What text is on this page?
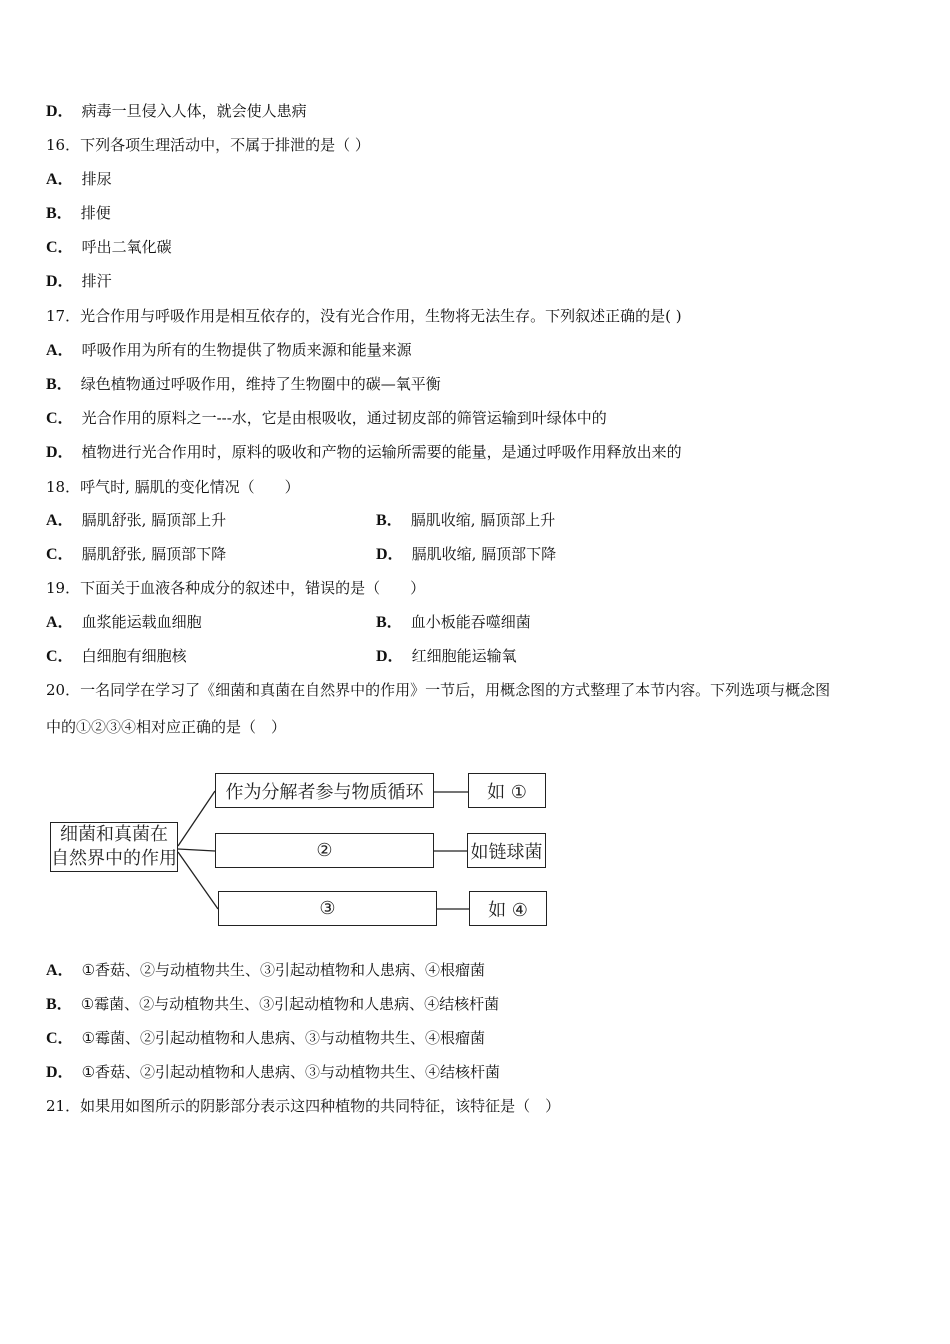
D． 病毒一旦侵入人体，就会使人患病
16．下列各项生理活动中，不属于排泄的是（ ）
A． 排尿
B． 排便
C． 呼出二氧化碳
D． 排汗
17．光合作用与呼吸作用是相互依存的，没有光合作用，生物将无法生存。下列叙述正确的是( )
A． 呼吸作用为所有的生物提供了物质来源和能量来源
B． 绿色植物通过呼吸作用，维持了生物圈中的碳—氧平衡
C． 光合作用的原料之一---水，它是由根吸收，通过韧皮部的筛管运输到叶绿体中的
D． 植物进行光合作用时，原料的吸收和产物的运输所需要的能量，是通过呼吸作用释放出来的
18．呼气时, 膈肌的变化情况（　　）
A． 膈肌舒张, 膈顶部上升	B． 膈肌收缩, 膈顶部上升
C． 膈肌舒张, 膈顶部下降	D． 膈肌收缩, 膈顶部下降
19．下面关于血液各种成分的叙述中，错误的是（　　）
A． 血浆能运载血细胞	B． 血小板能吞噬细菌
C． 白细胞有细胞核	D． 红细胞能运输氧
20．一名同学在学习了《细菌和真菌在自然界中的作用》一节后，用概念图的方式整理了本节内容。下列选项与概念图
中的①②③④相对应正确的是（　）
细菌和真菌在
自然界中的作用
作为分解者参与物质循环	如 ①
②	如链球菌
③	如 ④
A． ①香菇、②与动植物共生、③引起动植物和人患病、④根瘤菌
B． ①霉菌、②与动植物共生、③引起动植物和人患病、④结核杆菌
C． ①霉菌、②引起动植物和人患病、③与动植物共生、④根瘤菌
D． ①香菇、②引起动植物和人患病、③与动植物共生、④结核杆菌
21．如果用如图所示的阴影部分表示这四种植物的共同特征，该特征是（　）
